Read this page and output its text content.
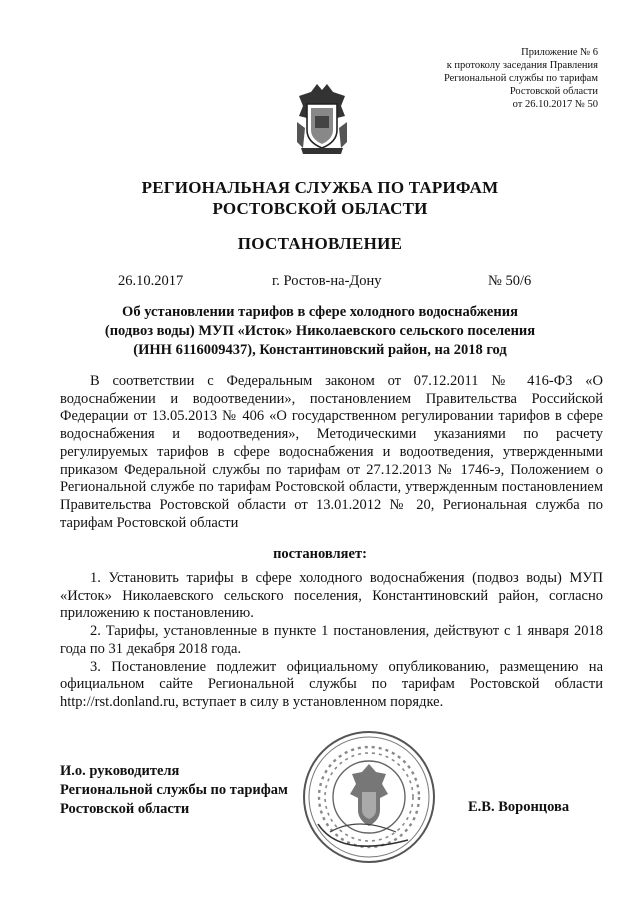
Приложение № 6
к протоколу заседания Правления
Региональной службы по тарифам
Ростовской области
от 26.10.2017 № 50
РЕГИОНАЛЬНАЯ СЛУЖБА ПО ТАРИФАМ
РОСТОВСКОЙ ОБЛАСТИ
ПОСТАНОВЛЕНИЕ
26.10.2017	г. Ростов-на-Дону	№ 50/6
Об установлении тарифов в сфере холодного водоснабжения
(подвоз воды) МУП «Исток» Николаевского сельского поселения
(ИНН 6116009437), Константиновский район, на 2018 год

В соответствии с Федеральным законом от 07.12.2011 № 416-ФЗ «О водоснабжении и водоотведении», постановлением Правительства Российской Федерации от 13.05.2013 № 406 «О государственном регулировании тарифов в сфере водоснабжения и водоотведения», Методическими указаниями по расчету регулируемых тарифов в сфере водоснабжения и водоотведения, утвержденными приказом Федеральной службы по тарифам от 27.12.2013 № 1746-э, Положением о Региональной службе по тарифам Ростовской области, утвержденным постановлением Правительства Ростовской области от 13.01.2012 № 20, Региональная служба по тарифам Ростовской области

постановляет:

1. Установить тарифы в сфере холодного водоснабжения (подвоз воды) МУП «Исток» Николаевского сельского поселения, Константиновский район, согласно приложению к постановлению.

2. Тарифы, установленные в пункте 1 постановления, действуют с 1 января 2018 года по 31 декабря 2018 года.

3. Постановление подлежит официальному опубликованию, размещению на официальном сайте Региональной службы по тарифам Ростовской области http://rst.donland.ru, вступает в силу в установленном порядке.

И.о. руководителя
Региональной службы по тарифам
Ростовской области	Е.В. Воронцова
